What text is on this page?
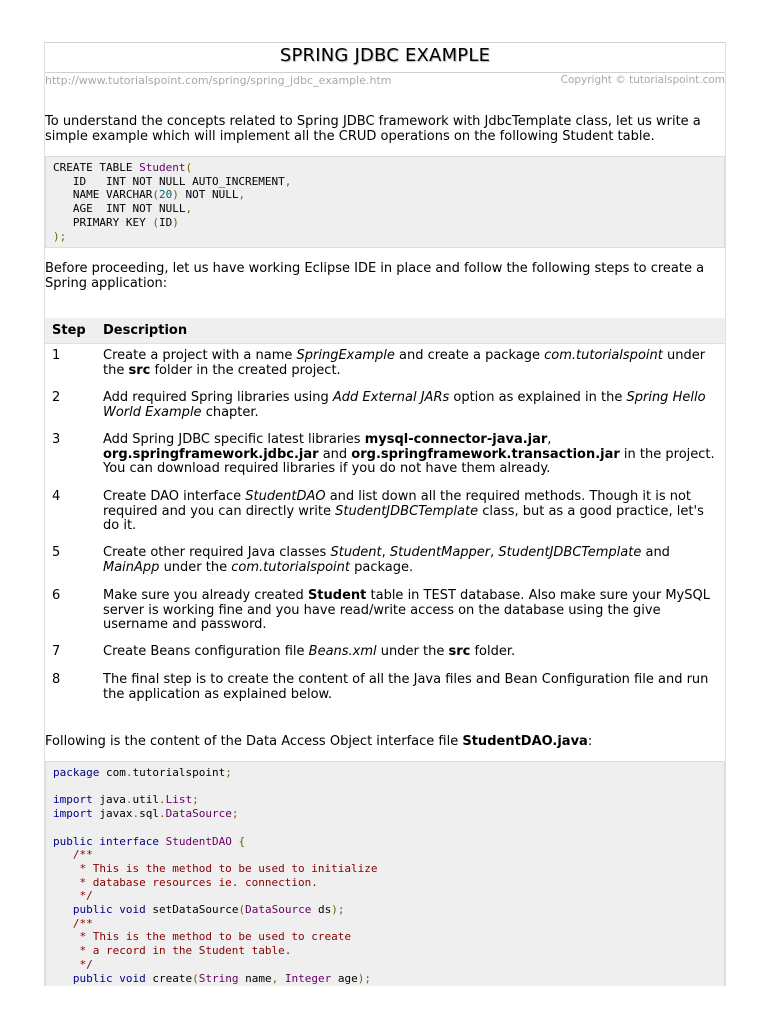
SPRING JDBC EXAMPLE
http://www.tutorialspoint.com/spring/spring_jdbc_example.htm	Copyright © tutorialspoint.com

To understand the concepts related to Spring JDBC framework with JdbcTemplate class, let us write a simple example which will implement all the CRUD operations on the following Student table.

CREATE TABLE Student(
ID   INT NOT NULL AUTO_INCREMENT,
NAME VARCHAR(20) NOT NULL,
AGE  INT NOT NULL,
PRIMARY KEY (ID)
);

Before proceeding, let us have working Eclipse IDE in place and follow the following steps to create a Spring application:

Step Description
1	Create a project with a name SpringExample and create a package com.tutorialspoint under the src folder in the created project.
2	Add required Spring libraries using Add External JARs option as explained in the Spring Hello World Example chapter.
3	Add Spring JDBC specific latest libraries mysql-connector-java.jar, org.springframework.jdbc.jar and org.springframework.transaction.jar in the project. You can download required libraries if you do not have them already.
4	Create DAO interface StudentDAO and list down all the required methods. Though it is not required and you can directly write StudentJDBCTemplate class, but as a good practice, let's do it.
5	Create other required Java classes Student, StudentMapper, StudentJDBCTemplate and MainApp under the com.tutorialspoint package.
6	Make sure you already created Student table in TEST database. Also make sure your MySQL server is working fine and you have read/write access on the database using the give username and password.
7	Create Beans configuration file Beans.xml under the src folder.
8	The final step is to create the content of all the Java files and Bean Configuration file and run the application as explained below.

Following is the content of the Data Access Object interface file StudentDAO.java:

package com.tutorialspoint;

import java.util.List;
import javax.sql.DataSource;

public interface StudentDAO {
/**
* This is the method to be used to initialize
* database resources ie. connection.
*/
public void setDataSource(DataSource ds);
/**
* This is the method to be used to create
* a record in the Student table.
*/
public void create(String name, Integer age);
